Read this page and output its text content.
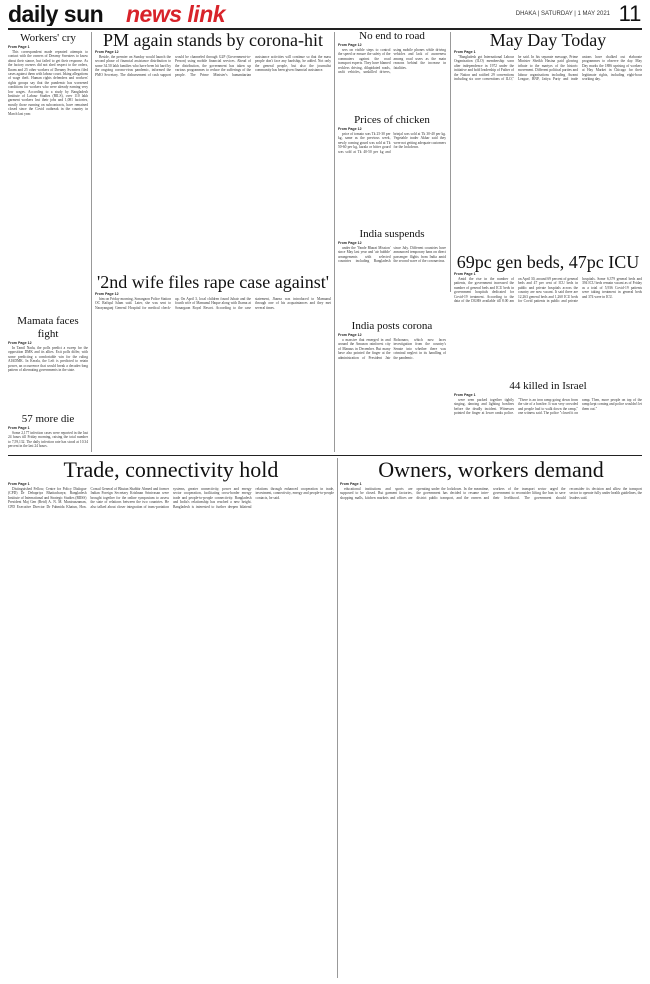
daily sun news link	DHAKA | SATURDAY | 1 MAY 2021 11
Workers' cry
From Page 1

This correspondent made repeated attempts to contact with the owners of Dreamy Sweaters to know about their stance, but failed to get their response. As the factory owners did not shed respect to the orders, Ikram and 25 other workers of Dreamy Sweaters filed cases against them with labour court. Irking allegations of wage theft. Human rights defenders and workers' rights groups say that the pandemic has worsened conditions for workers who were already earning very low wages. According to a study by Bangladesh Institute of Labour Studies (BILS), over 110 lakh garment workers lost their jobs and 1,081 factories, mostly those running on subcontracts, have remained closed since the Covid outbreak in the country in March last year.

Mamata faces fight
From Page 12

In Tamil Nadu, the polls predict a sweep for the opposition DMK and its allies. Exit polls differ, with some predicting a comfortable win for the ruling AIADMK. In Kerala, the Left is predicted to retain power, an occurrence that would break a decades-long pattern of alternating governments in the state.

57 more die
From Page 1

Some 2,177 infection cases were reported in the last 24 hours till Friday morning, raising the total number to 7,59,132. The daily infection rate has stood at 10.34 percent in the last 24 hours.

PM again stands by corona-hit
From Page 12

Beside, the premier on Sunday would launch the second phase of financial assistance distribution to some 34.50 lakh families who have been hit hard by the ongoing corona-virus pandemic, informed the PMO Secretary. The disbursement of cash support would be channeled through G2P (Government-to-Person) using mobile financial services. Ahead of the distribution, the government has taken up various programmes to reduce the sufferings of the people. The Prime Minister's humanitarian assistance activities will continue so that the mass people don't face any hardship, he added. Not only the general people, but also the journalist community has been given financial assistance.

'2nd wife files rape case against'
From Page 12

him on Friday morning, Sonargaon Police Station OC Rafiqul Islam said. Later, she was sent to Narayanganj General Hospital for medical check-up. On April 3, local children found Jubair and the fourth wife of Mamunul Haque along with Jharna at Sonargaon Royal Resort. According to the case statement, Jharna was introduced to Mamunul through one of his acquaintances and they met several times.

No end to road
From Page 12

sers on visible steps to control the speed or ensure the safety of the commuters against the road transport experts. They have blamed reckless driving, dilapidated roads, unfit vehicles, unskilled drivers, using mobile phones while driving vehicles and lack of awareness among road users as the main reasons behind the increase in fatalities.

Prices of chicken
From Page 12

price of tomato was Tk 25-30 per kg, same as the previous week, newly coming gourd was sold at Tk 50-60 per kg, karala or bitter gourd was sold at Tk 40-50 per kg and brinjal was sold at Tk 30-40 per kg. Vegetable trader Akbar said they were not getting adequate customers for the lockdown.

India suspends
From Page 12

under the 'Vande Bharat Mission' since May last year and 'air bubble' arrangements with selected countries including Bangladesh since July. Different countries have announced temporary bans on direct passenger flights from India amid the second wave of the coronavirus.

India posts corona
From Page 12

a massive that emerged in and around the Amazon rainforest city of Manaus in December. But many have also pointed the finger at the administration of President Jair Bolsonaro, which now faces investigation from the country's Senate into whether there was criminal neglect in its handling of the pandemic.

May Day Today
From Page 1

"Bangladesh got International Labour Organisation (ILO) membership soon after independence in 1972 under the initiative and bold leadership of Father of the Nation and ratified 29 conventions including six core conventions of ILO," he said. In his separate message, Prime Minister Sheikh Hasina paid glowing tribute to the martyrs of the historic movement. Different political parties and labour organisations including Awami League, BNP, Jatiya Party and trade unions have chalked out elaborate programmes to observe the day. May Day marks the 1886 uprising of workers at Hay Market in Chicago for their legitimate rights, including eight-hour working day.

69pc gen beds, 47pc ICU
From Page 1

Amid the rise in the number of patients, the government increased the number of general beds and ICU beds in government hospitals dedicated for Covid-19 treatment. According to the data of the DGHS available till 8.00 am on April 30, around 69 percent of general beds and 47 per cent of ICU beds in public and private hospitals across the country are now vacant. It said there are 12,263 general beds and 1,260 ICU beds for Covid patients in public and private hospitals. Some 6,379 general beds and 394 ICU beds remain vacant as of Friday as a total of 5,936 Covid-19 patients were taking treatment in general beds and 374 were in ICU.

44 killed in Israel
From Page 1

were seen packed together tightly singing, dancing and lighting bonfires before the deadly incident. Witnesses pointed the finger at lower ranks police. "There is an iron ramp going down from the site of a bonfire. It was very crowded and people had to walk down the ramp," one witness said. The police "closed it on ramp. Then, more people on top of the ramp kept coming and police wouldn't let them out."

Trade, connectivity hold
From Page 1

Distinguished Fellow, Centre for Policy Dialogue (CPD) Dr Debapriya Bhattacharya; Bangladesh Institute of International and Strategic Studies (BIISS) President Maj Gen (Retd) A. N. M. Muniruzzaman, CPD Executive Director Dr Fahmida Khatun, Hon. Consul General of Bhutan Shabbir Ahmed and former Indian Foreign Secretary Krishnan Srinivasan were brought together for the online symposium to assess the state of relations between the two countries. He also talked about closer integration of trans-portation systems, greater connectivity, power and energy sector cooperation, facilitating cross-border energy trade and people-to-people connectivity. Bangladesh and India's relationship has reached a new height. Bangladesh is interested to further deepen bilateral relations through enhanced cooperation in trade, investment, connectivity, energy and people-to-people contacts, he said.

Owners, workers demand
From Page 1

educational institutions and sports are supposed to be closed. But garment factories, shopping malls, kitchen markets and offices are operating under the lockdown. In the meantime, the government has decided to resume inter-district public transport, and the owners and workers of the transport sector urged the government to reconsider lifting the ban to save their livelihood. The government should reconsider its decision and allow the transport sector to operate fully under health guidelines, the leaders said.
